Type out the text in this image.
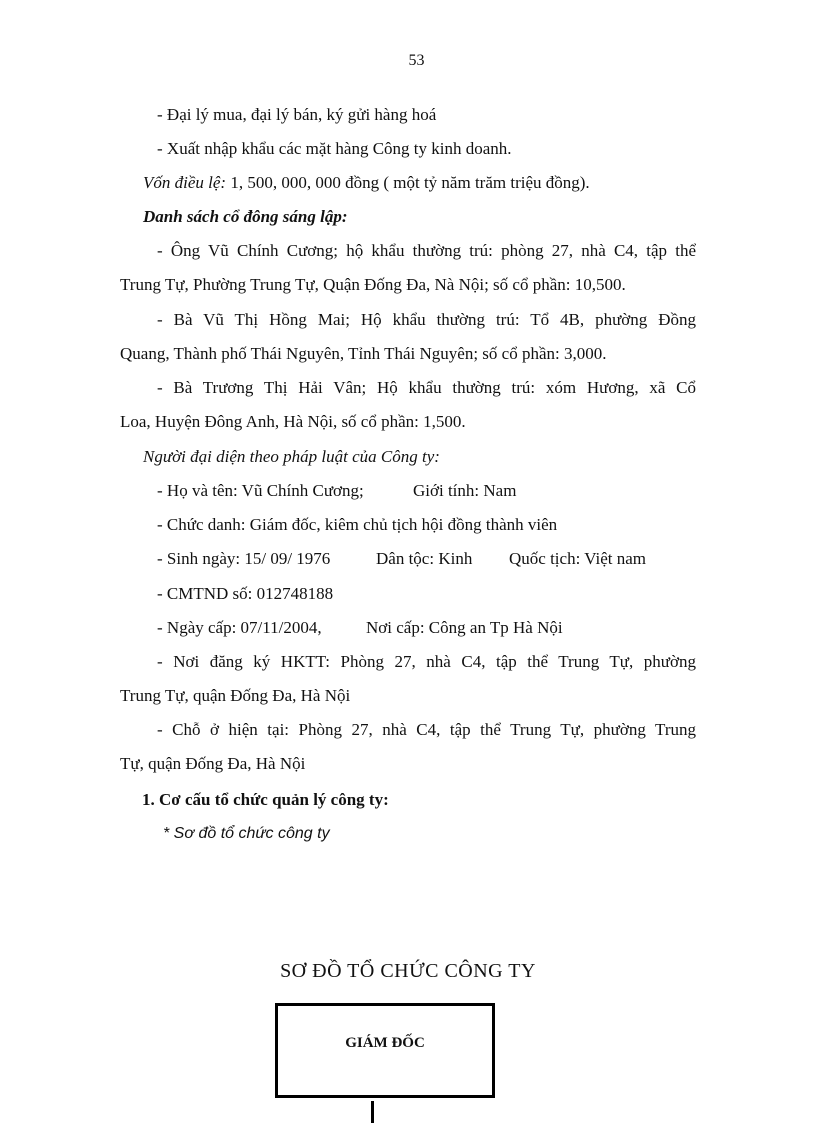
53
- Đại lý mua, đại lý bán, ký gửi hàng hoá
- Xuất nhập khẩu các mặt hàng Công ty kinh doanh.
Vốn điều lệ: 1, 500, 000, 000 đồng ( một tỷ năm trăm triệu đồng).
Danh sách cổ đông sáng lập:
- Ông Vũ Chính Cương; hộ khẩu thường trú: phòng 27, nhà C4, tập thể
Trung Tự, Phường Trung Tự, Quận Đống Đa, Nà Nội; số cổ phần: 10,500.
- Bà Vũ Thị Hồng Mai; Hộ khẩu thường trú: Tổ 4B, phường Đồng
Quang, Thành phố Thái Nguyên, Tỉnh Thái Nguyên; số cổ phần: 3,000.
- Bà Trương Thị Hải Vân; Hộ khẩu thường trú: xóm Hương, xã Cổ
Loa, Huyện Đông Anh, Hà Nội, số cổ phần: 1,500.
Người đại diện theo pháp luật của Công ty:
- Họ và tên: Vũ Chính Cương;	Giới tính: Nam
- Chức danh: Giám đốc, kiêm chủ tịch hội đồng thành viên
- Sinh ngày: 15/ 09/ 1976	Dân tộc: Kinh Quốc tịch: Việt nam
- CMTND số: 012748188
- Ngày cấp: 07/11/2004,	Nơi cấp: Công an Tp Hà Nội
- Nơi đăng ký HKTT: Phòng 27, nhà C4, tập thể Trung Tự, phường
Trung Tự, quận Đống Đa, Hà Nội
- Chỗ ở hiện tại: Phòng 27, nhà C4, tập thể Trung Tự, phường Trung
Tự, quận Đống Đa, Hà Nội
1. Cơ cấu tổ chức quản lý công ty:
* Sơ đồ tổ chức công ty
SƠ ĐỒ TỔ CHỨC CÔNG TY
GIÁM ĐỐC
